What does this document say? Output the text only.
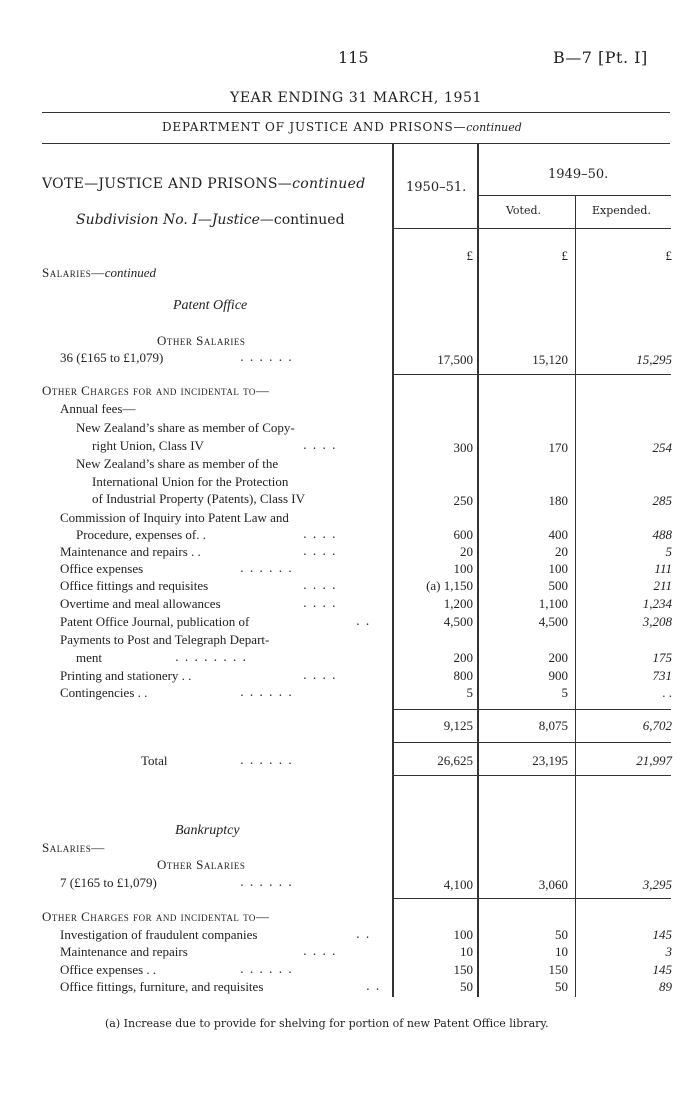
115	B—7 [Pt. I]
YEAR ENDING 31 MARCH, 1951
DEPARTMENT OF JUSTICE AND PRISONS—continued
VOTE—JUSTICE AND PRISONS—continued
Subdivision No. I—Justice—continued
1950–51.
1949–50.
Voted.	Expended.
£	£	£
Salaries—continued
Patent Office
Other Salaries
36 (£165 to £1,079)	. . . . . .	17,500	15,120	15,295
Other Charges for and incidental to—
Annual fees—
New Zealand’s share as member of Copy-
right Union, Class IV	. . . .	300	170	254
New Zealand’s share as member of the
International Union for the Protection
of Industrial Property (Patents), Class IV	250	180	285
Commission of Inquiry into Patent Law and
Procedure, expenses of. .	. . . .	600	400	488
Maintenance and repairs . .	. . . .	20	20	5
Office expenses	. . . . . .	100	100	111
Office fittings and requisites	. . . .	(a) 1,150	500	211
Overtime and meal allowances	. . . .	1,200	1,100	1,234
Patent Office Journal, publication of	. .	4,500	4,500	3,208
Payments to Post and Telegraph Depart-
ment	. . . . . . . .	200	200	175
Printing and stationery . .	. . . .	800	900	731
Contingencies . .	. . . . . .	5	5	. .
9,125	8,075	6,702
Total	. . . . . .	26,625	23,195	21,997
Bankruptcy
Salaries—
Other Salaries
7 (£165 to £1,079)	. . . . . .	4,100	3,060	3,295
Other Charges for and incidental to—
Investigation of fraudulent companies	. .	100	50	145
Maintenance and repairs	. . . .	10	10	3
Office expenses . .	. . . . . .	150	150	145
Office fittings, furniture, and requisites	. .	50	50	89
(a) Increase due to provide for shelving for portion of new Patent Office library.
